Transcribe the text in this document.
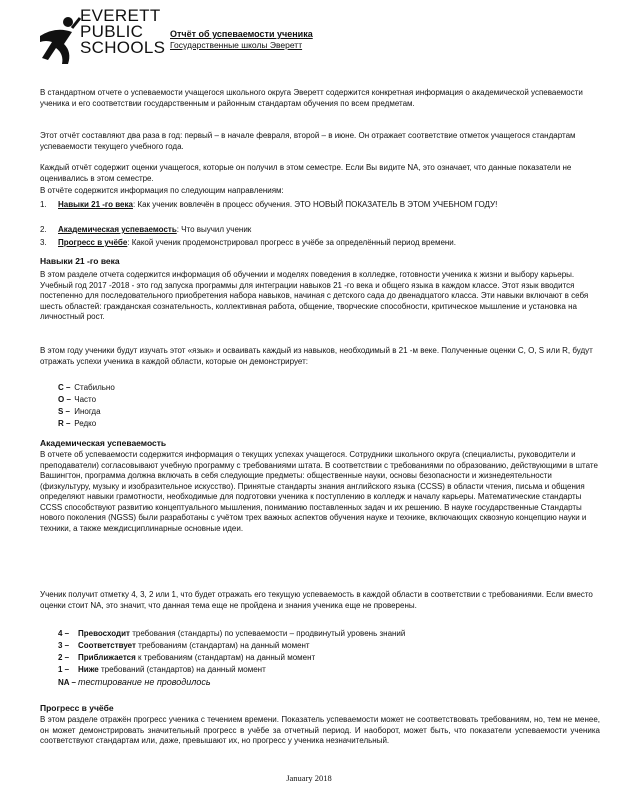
EVERETT
PUBLIC
SCHOOLS
Отчёт об успеваемости ученика
Государственные школы Эверетт
В стандартном отчете о успеваемости учащегося школьного округа Эверетт содержится конкретная информация о академической успеваемости ученика и его соответствии государственным и районным стандартам обучения по всем предметам.
Этот отчёт составляют два раза в год: первый – в начале февраля, второй – в июне. Он отражает соответствие отметок учащегося стандартам успеваемости текущего учебного года.
Каждый отчёт содержит оценки учащегося, которые он получил в этом семестре. Если Вы видите NA, это означает, что данные показатели не оценивались в этом семестре.
В отчёте содержится информация по следующим направлениям:
1. Навыки 21 -го века: Как ученик вовлечён в процесс обучения. ЭТО НОВЫЙ ПОКАЗАТЕЛЬ В ЭТОМ УЧЕБНОМ ГОДУ!
2. Академическая успеваемость: Что выучил ученик
3. Прогресс в учёбе: Какой ученик продемонстрировал прогресс в учёбе за определённый период времени.
Навыки 21 -го века
В этом разделе отчета содержится информация об обучении и моделях поведения в колледже, готовности ученика к жизни и выбору карьеры. Учебный год 2017 -2018 - это год запуска программы для интеграции навыков 21 -го века и общего языка в каждом классе. Этот язык вводится постепенно для последовательного приобретения набора навыков, начиная с детского сада до двенадцатого класса. Эти навыки включают в себя шесть областей: гражданская сознательность, коллективная работа, общение, творческие способности, критическое мышление и установка на личностный рост.
В этом году ученики будут изучать этот «язык» и осваивать каждый из навыков, необходимый в 21 -м веке. Полученные оценки C, O, S или R, будут отражать успехи ученика в каждой области, которые он демонстрирует:
C – Стабильно
O – Часто
S – Иногда
R – Редко
Академическая успеваемость
В отчете об успеваемости содержится информация о текущих успехах учащегося. Сотрудники школьного округа (специалисты, руководители и преподаватели) согласовывают учебную программу с требованиями штата. В соответствии с требованиями по образованию, действующими в штате Вашингтон, программа должна включать в себя следующие предметы: общественные науки, основы безопасности и жизнедеятельности (физкультуру, музыку и изобразительное искусство). Принятые стандарты знания английского языка (CCSS) в области чтения, письма и общения определяют навыки грамотности, необходимые для подготовки ученика к поступлению в колледж и началу карьеры. Математические стандарты CCSS способствуют развитию концептуального мышления, пониманию поставленных задач и их решению. В науке государственные Стандарты нового поколения (NGSS) были разработаны с учётом трех важных аспектов обучения науке и технике, включающих сквозную концепцию науки и техники, а также междисциплинарные основные идеи.
Ученик получит отметку 4, 3, 2 или 1, что будет отражать его текущую успеваемость в каждой области в соответствии с требованиями. Если вместо оценки стоит NA, это значит, что данная тема еще не пройдена и знания ученика еще не проверены.
4 – Превосходит требования (стандарты) по успеваемости – продвинутый уровень знаний
3 – Соответствует требованиям (стандартам) на данный момент
2 – Приближается к требованиям (стандартам) на данный момент
1 – Ниже требований (стандартов) на данный момент
NA – тестирование не проводилось
Прогресс в учёбе
В этом разделе отражён прогресс ученика с течением времени. Показатель успеваемости может не соответствовать требованиям, но, тем не менее, он может демонстрировать значительный прогресс в учёбе за отчетный период. И наоборот, может быть, что показатели успеваемости ученика соответствуют стандартам или, даже, превышают их, но прогресс у ученика незначительный.
January 2018
